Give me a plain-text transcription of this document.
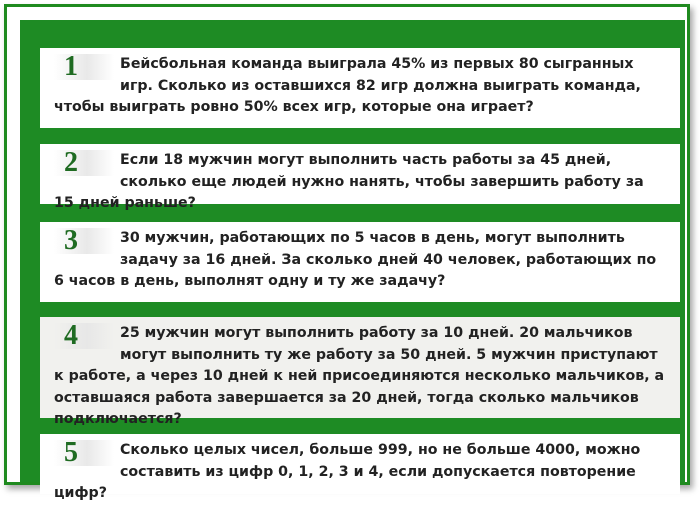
1	Бейсбольная команда выиграла 45% из первых 80 сыгранных игр. Сколько из оставшихся 82 игр должна выиграть команда, чтобы выиграть ровно 50% всех игр, которые она играет?
2	Если 18 мужчин могут выполнить часть работы за 45 дней, сколько еще людей нужно нанять, чтобы завершить работу за 15 дней раньше?
3	30 мужчин, работающих по 5 часов в день, могут выполнить задачу за 16 дней. За сколько дней 40 человек, работающих по 6 часов в день, выполнят одну и ту же задачу?
4	25 мужчин могут выполнить работу за 10 дней. 20 мальчиков могут выполнить ту же работу за 50 дней. 5 мужчин приступают к работе, а через 10 дней к ней присоединяются несколько мальчиков, а оставшаяся работа завершается за 20 дней, тогда сколько мальчиков подключается?
5	Сколько целых чисел, больше 999, но не больше 4000, можно составить из цифр 0, 1, 2, 3 и 4, если допускается повторение цифр?
